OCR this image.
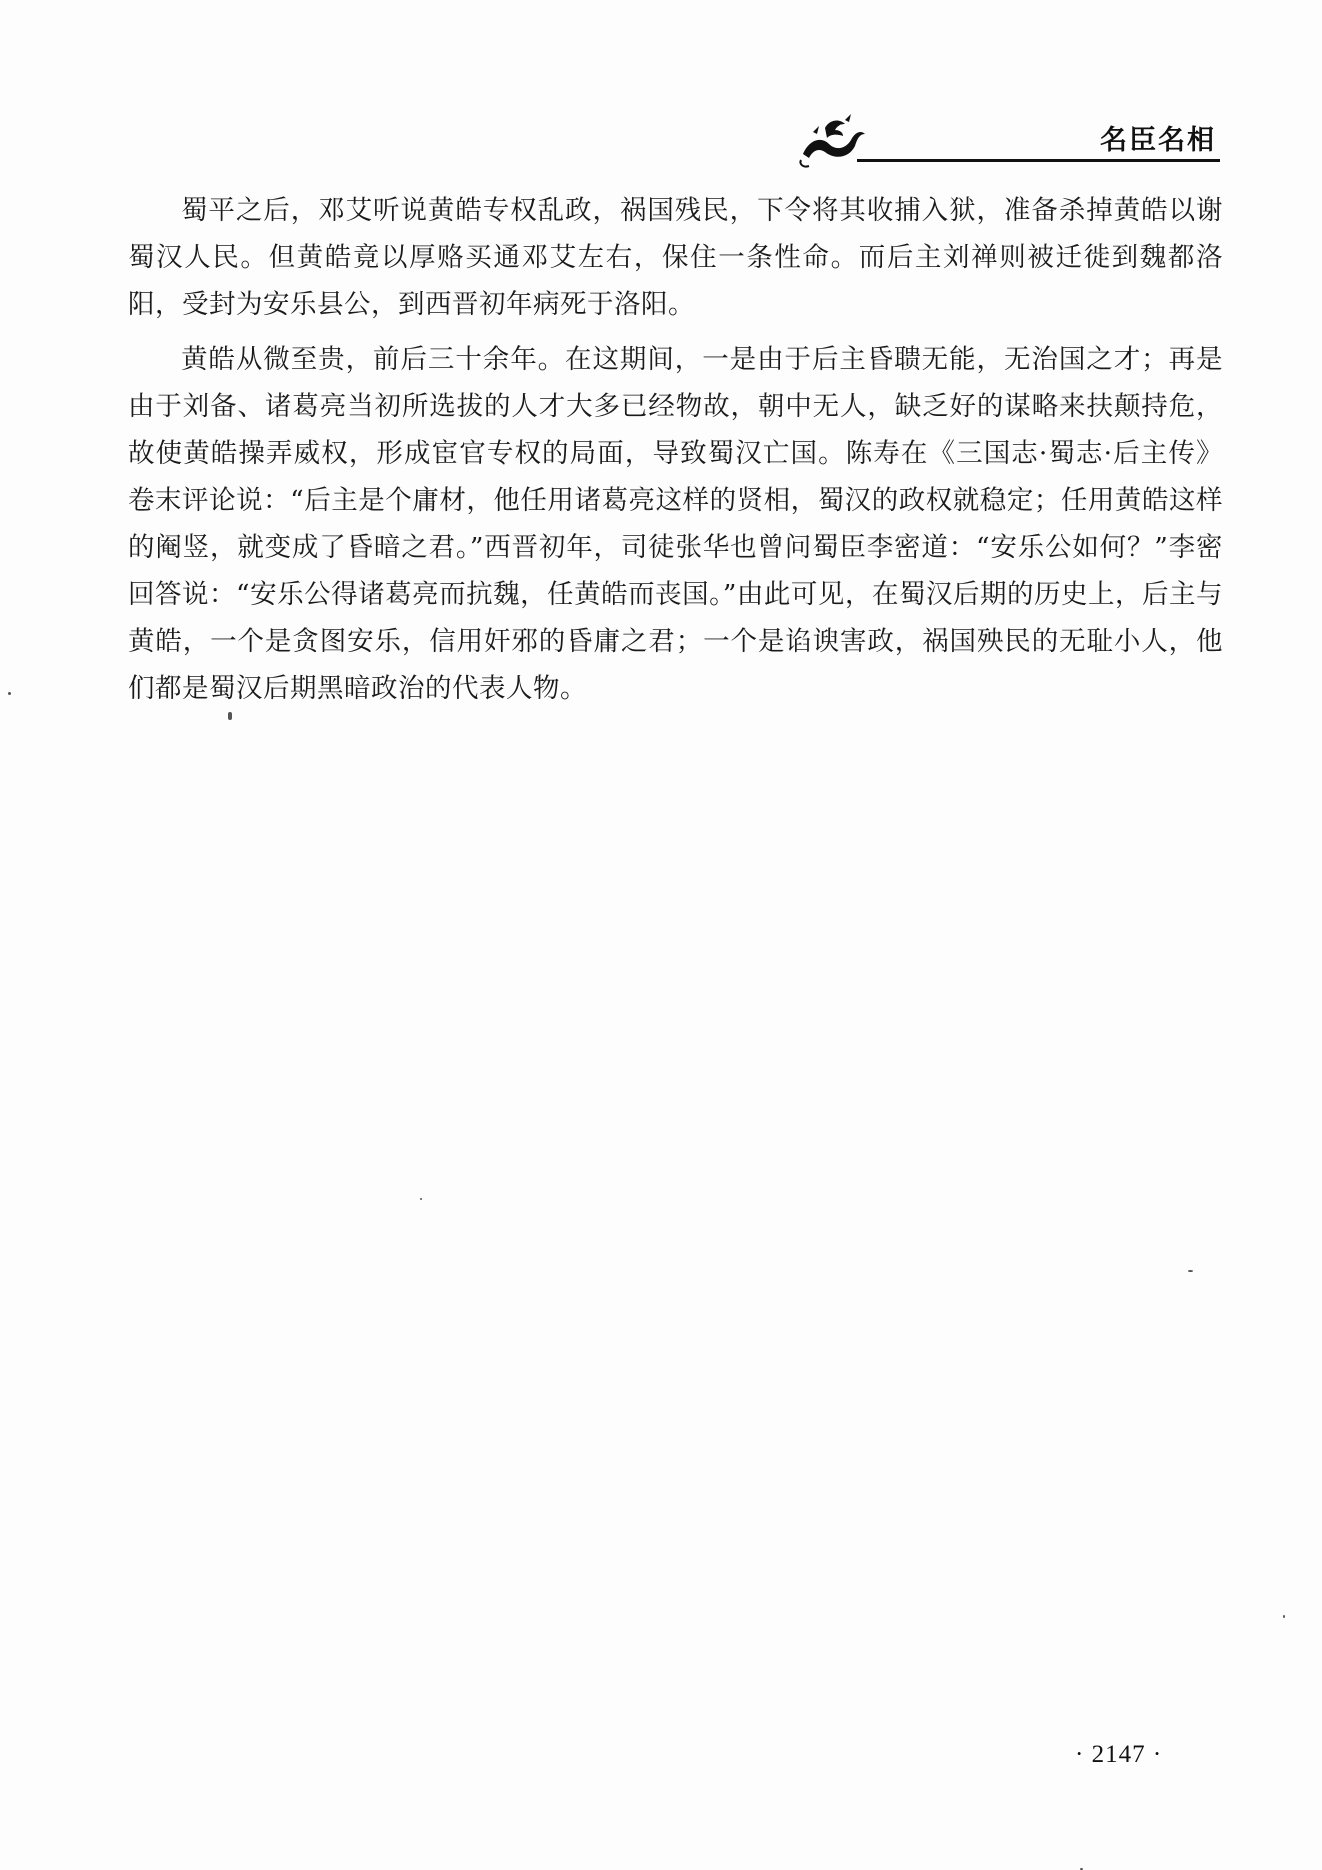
名臣名相

蜀平之后，邓艾听说黄皓专权乱政，祸国残民，下令将其收捕入狱，准备杀掉黄皓以谢蜀汉人民。但黄皓竟以厚赂买通邓艾左右，保住一条性命。而后主刘禅则被迁徙到魏都洛阳，受封为安乐县公，到西晋初年病死于洛阳。

黄皓从微至贵，前后三十余年。在这期间，一是由于后主昏聩无能，无治国之才；再是由于刘备、诸葛亮当初所选拔的人才大多已经物故，朝中无人，缺乏好的谋略来扶颠持危，故使黄皓操弄威权，形成宦官专权的局面，导致蜀汉亡国。陈寿在《三国志·蜀志·后主传》卷末评论说：“后主是个庸材，他任用诸葛亮这样的贤相，蜀汉的政权就稳定；任用黄皓这样的阉竖，就变成了昏暗之君。”西晋初年，司徒张华也曾问蜀臣李密道：“安乐公如何？”李密回答说：“安乐公得诸葛亮而抗魏，任黄皓而丧国。”由此可见，在蜀汉后期的历史上，后主与黄皓，一个是贪图安乐，信用奸邪的昏庸之君；一个是谄谀害政，祸国殃民的无耻小人，他们都是蜀汉后期黑暗政治的代表人物。

· 2147 ·
